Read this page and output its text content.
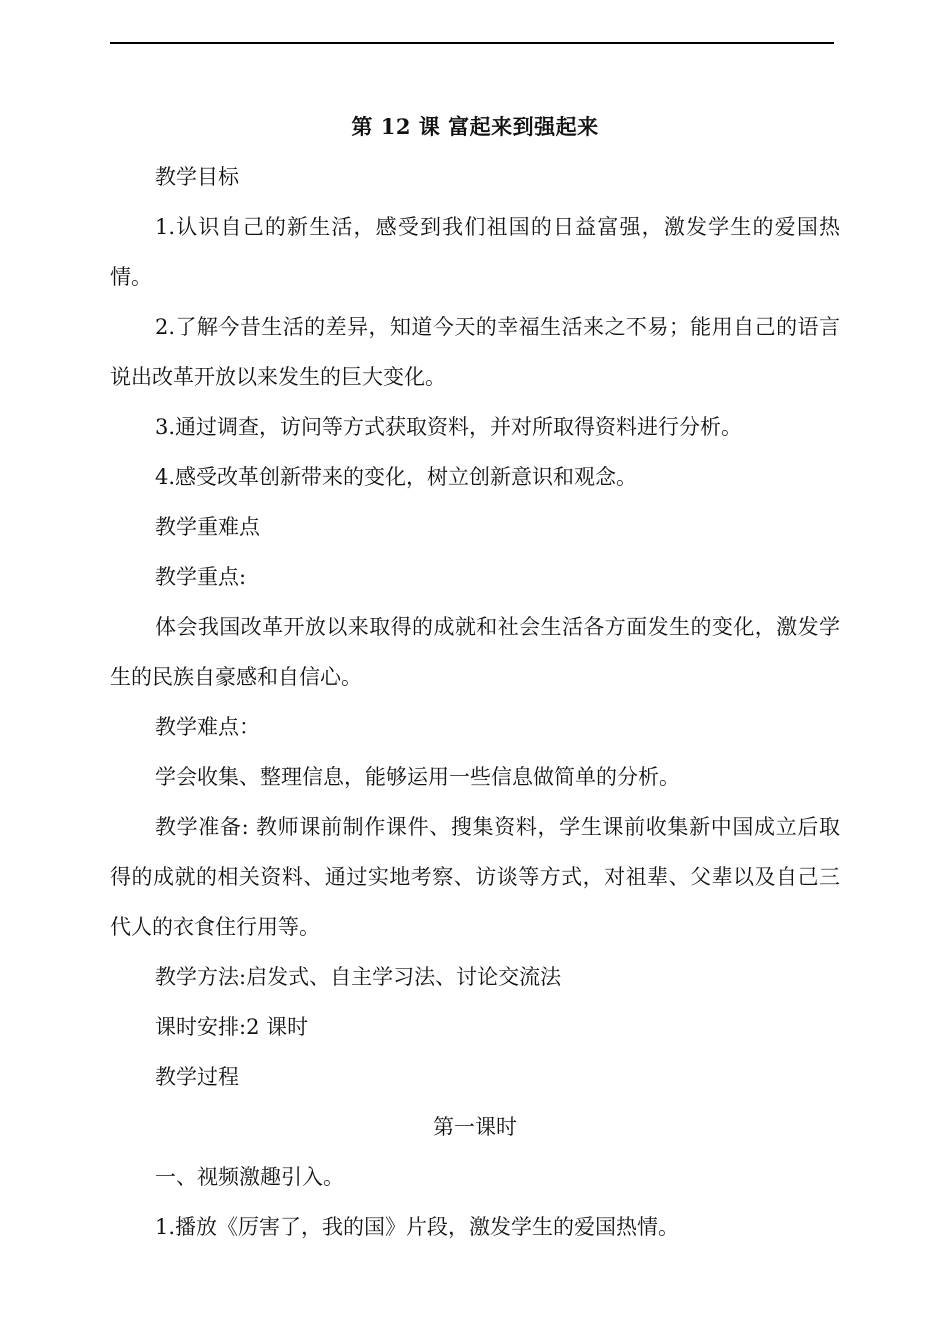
第 12 课 富起来到强起来

教学目标

1.认识自己的新生活，感受到我们祖国的日益富强，激发学生的爱国热情。

2.了解今昔生活的差异，知道今天的幸福生活来之不易；能用自己的语言说出改革开放以来发生的巨大变化。

3.通过调查，访问等方式获取资料，并对所取得资料进行分析。

4.感受改革创新带来的变化，树立创新意识和观念。

教学重难点

教学重点:

体会我国改革开放以来取得的成就和社会生活各方面发生的变化，激发学生的民族自豪感和自信心。

教学难点：

学会收集、整理信息，能够运用一些信息做简单的分析。

教学准备: 教师课前制作课件、搜集资料，学生课前收集新中国成立后取得的成就的相关资料、通过实地考察、访谈等方式，对祖辈、父辈以及自己三代人的衣食住行用等。

教学方法:启发式、自主学习法、讨论交流法

课时安排:2 课时

教学过程

第一课时

一、视频激趣引入。

1.播放《厉害了，我的国》片段，激发学生的爱国热情。
